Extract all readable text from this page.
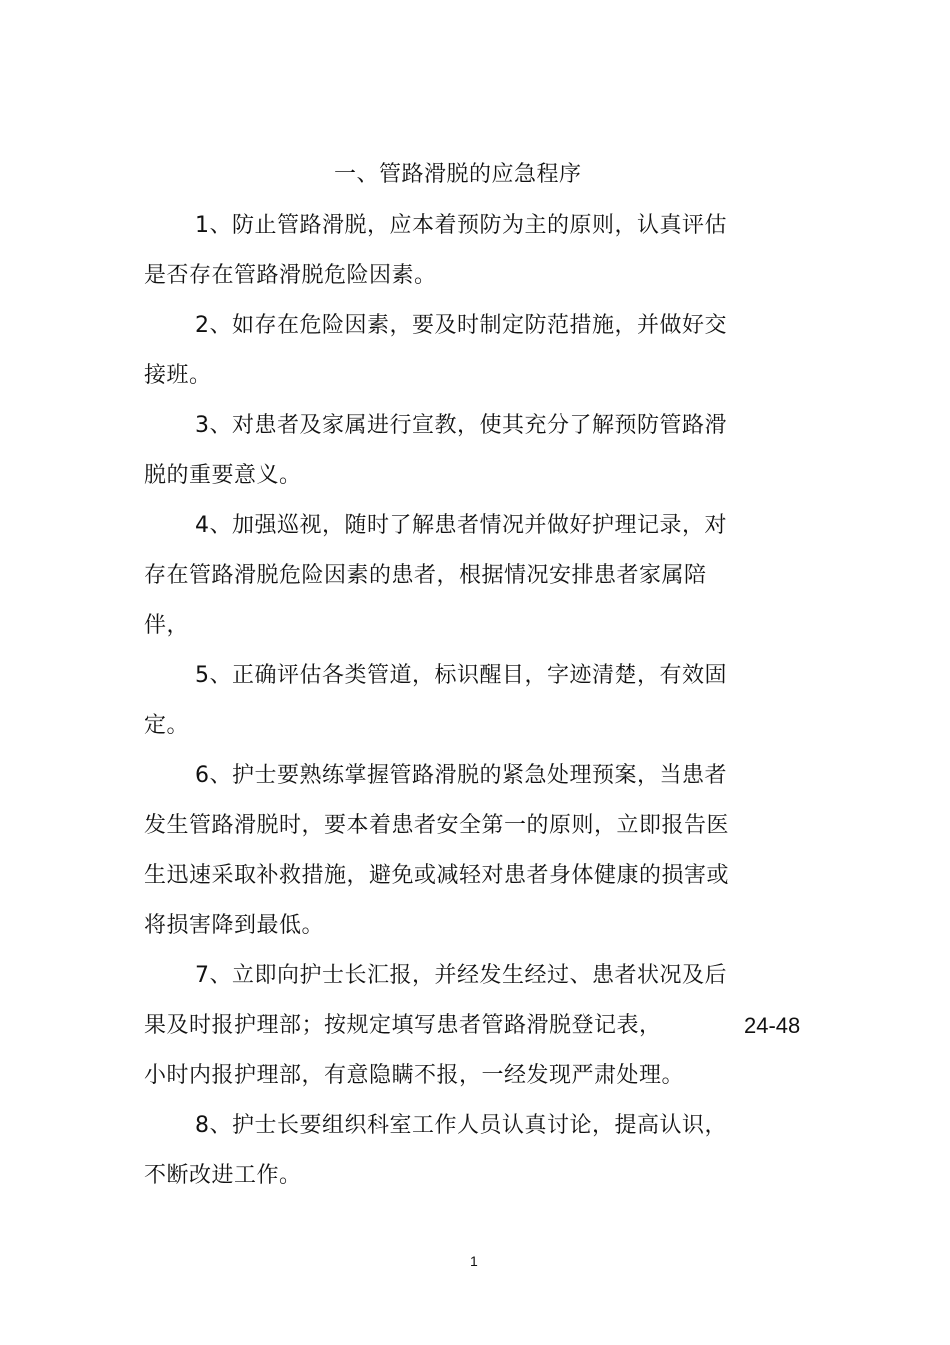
一、管路滑脱的应急程序
1、防止管路滑脱，应本着预防为主的原则，认真评估
是否存在管路滑脱危险因素。
2、如存在危险因素，要及时制定防范措施，并做好交
接班。
3、对患者及家属进行宣教，使其充分了解预防管路滑
脱的重要意义。
4、加强巡视，随时了解患者情况并做好护理记录，对
存在管路滑脱危险因素的患者，根据情况安排患者家属陪
伴，
5、正确评估各类管道，标识醒目，字迹清楚，有效固
定。
6、护士要熟练掌握管路滑脱的紧急处理预案，当患者
发生管路滑脱时，要本着患者安全第一的原则，立即报告医
生迅速采取补救措施，避免或减轻对患者身体健康的损害或
将损害降到最低。
7、立即向护士长汇报，并经发生经过、患者状况及后
果及时报护理部；按规定填写患者管路滑脱登记表，	24-48
小时内报护理部，有意隐瞒不报，一经发现严肃处理。
8、护士长要组织科室工作人员认真讨论，提高认识，
不断改进工作。
1
